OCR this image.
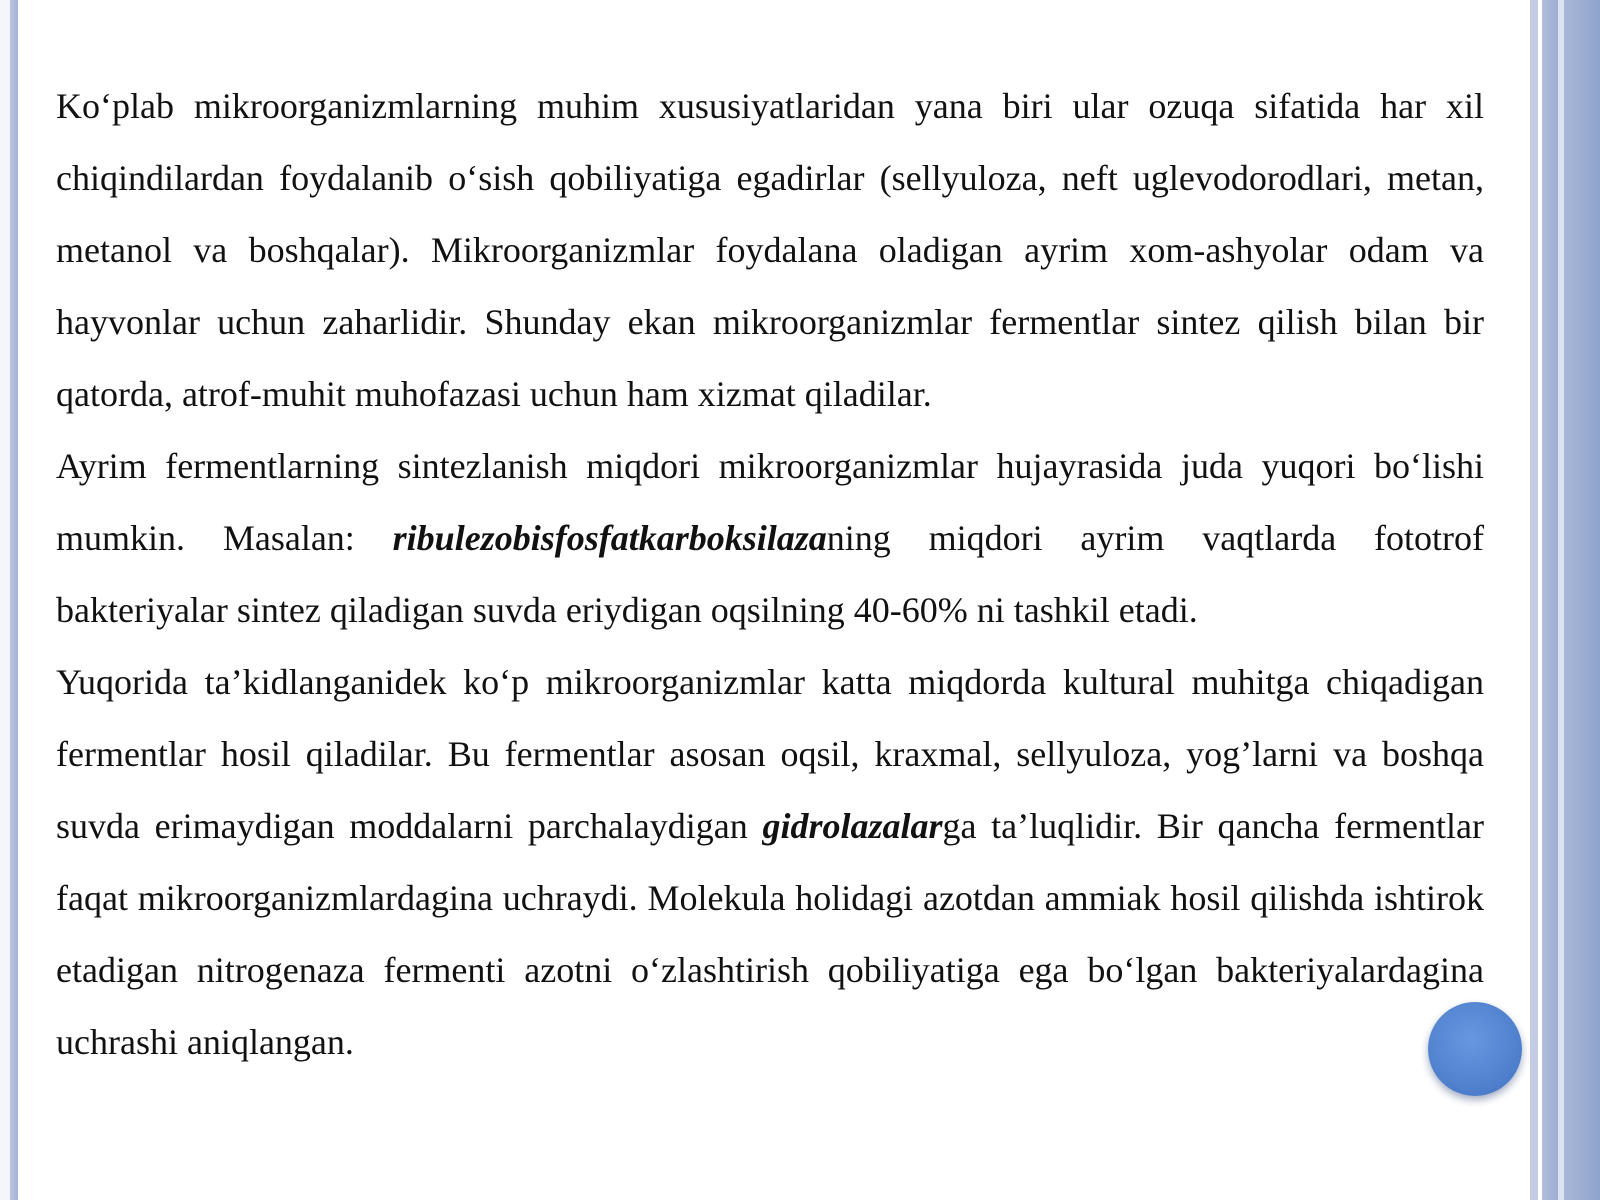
Ko‘plab mikroorganizmlarning muhim xususiyatlaridan yana biri ular ozuqa sifatida har xil chiqindilardan foydalanib o‘sish qobiliyatiga egadirlar (sellyuloza, neft uglevodorodlari, metan, metanol va boshqalar). Mikroorganizmlar foydalana oladigan ayrim xom-ashyolar odam va hayvonlar uchun zaharlidir. Shunday ekan mikroorganizmlar fermentlar sintez qilish bilan bir qatorda, atrof-muhit muhofazasi uchun ham xizmat qiladilar.

Ayrim fermentlarning sintezlanish miqdori mikroorganizmlar hujayrasida juda yuqori bo‘lishi mumkin. Masalan: ribulezobisfosfatkarboksilazaning miqdori ayrim vaqtlarda fototrof bakteriyalar sintez qiladigan suvda eriydigan oqsilning 40-60% ni tashkil etadi.

Yuqorida ta’kidlanganidek ko‘p mikroorganizmlar katta miqdorda kultural muhitga chiqadigan fermentlar hosil qiladilar. Bu fermentlar asosan oqsil, kraxmal, sellyuloza, yog’larni va boshqa suvda erimaydigan moddalarni parchalaydigan gidrolazalarga ta’luqlidir. Bir qancha fermentlar faqat mikroorganizmlardagina uchraydi. Molekula holidagi azotdan ammiak hosil qilishda ishtirok etadigan nitrogenaza fermenti azotni o‘zlashtirish qobiliyatiga ega bo‘lgan bakteriyalardagina uchrashi aniqlangan.
